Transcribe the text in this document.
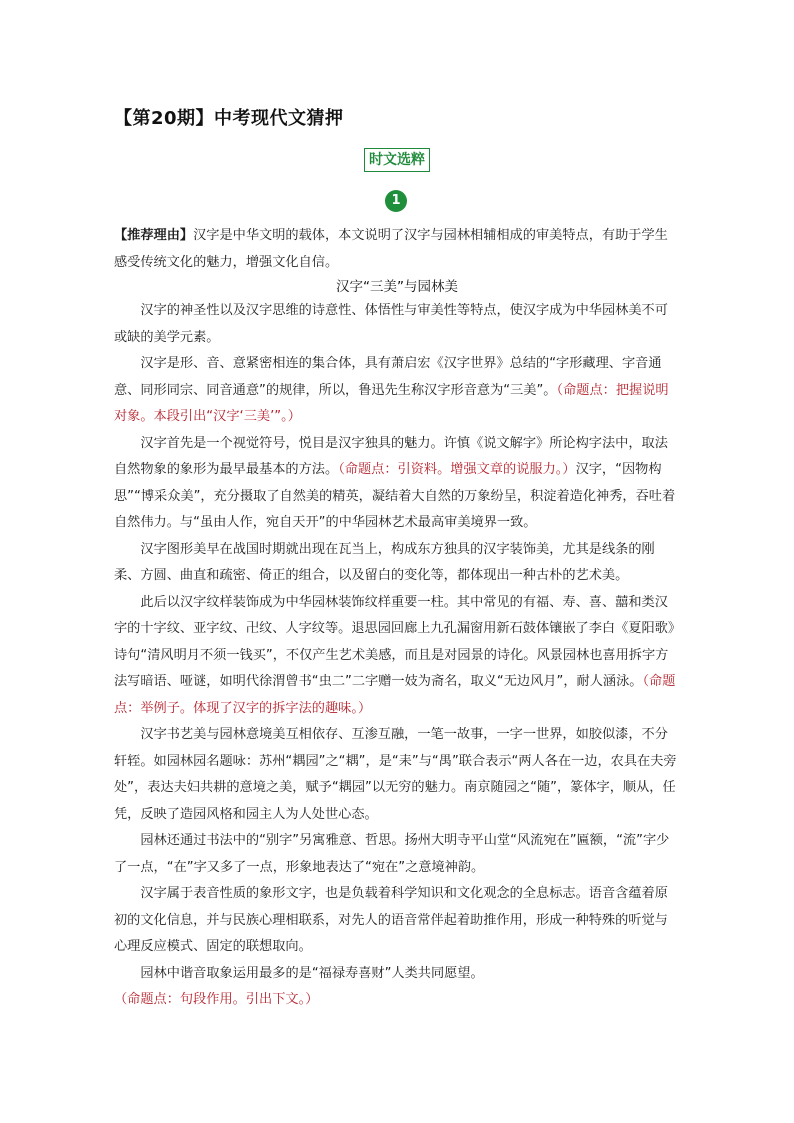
【第20期】中考现代文猜押
时文选粹
1
【推荐理由】汉字是中华文明的载体，本文说明了汉字与园林相辅相成的审美特点，有助于学生感受传统文化的魅力，增强文化自信。
汉字“三美”与园林美

汉字的神圣性以及汉字思维的诗意性、体悟性与审美性等特点，使汉字成为中华园林美不可或缺的美学元素。

汉字是形、音、意紧密相连的集合体，具有萧启宏《汉字世界》总结的“字形藏理、字音通意、同形同宗、同音通意”的规律，所以，鲁迅先生称汉字形音意为“三美”。（命题点：把握说明对象。本段引出“汉字‘三美’”。）

汉字首先是一个视觉符号，悦目是汉字独具的魅力。许慎《说文解字》所论构字法中，取法自然物象的象形为最早最基本的方法。（命题点：引资料。增强文章的说服力。）汉字，“因物构思”“博采众美”，充分摄取了自然美的精英，凝结着大自然的万象纷呈，积淀着造化神秀，吞吐着自然伟力。与“虽由人作，宛自天开”的中华园林艺术最高审美境界一致。

汉字图形美早在战国时期就出现在瓦当上，构成东方独具的汉字装饰美，尤其是线条的刚柔、方圆、曲直和疏密、倚正的组合，以及留白的变化等，都体现出一种古朴的艺术美。

此后以汉字纹样装饰成为中华园林装饰纹样重要一柱。其中常见的有福、寿、喜、囍和类汉字的十字纹、亚字纹、卍纹、人字纹等。退思园回廊上九孔漏窗用新石鼓体镶嵌了李白《夏阳歌》诗句“清风明月不须一钱买”，不仅产生艺术美感，而且是对园景的诗化。风景园林也喜用拆字方法写暗语、哑谜，如明代徐渭曾书“虫二”二字赠一妓为斋名，取义“无边风月”，耐人涵泳。（命题点：举例子。体现了汉字的拆字法的趣味。）

汉字书艺美与园林意境美互相依存、互渗互融，一笔一故事，一字一世界，如胶似漆，不分轩轾。如园林园名题咏：苏州“耦园”之“耦”，是“耒”与“禺”联合表示“两人各在一边，农具在夫旁处”，表达夫妇共耕的意境之美，赋予“耦园”以无穷的魅力。南京随园之“随”，篆体字，顺从，任凭，反映了造园风格和园主人为人处世心态。

园林还通过书法中的“别字”另寓雅意、哲思。扬州大明寺平山堂“风流宛在”匾额，“流”字少了一点，“在”字又多了一点，形象地表达了“宛在”之意境神韵。

汉字属于表音性质的象形文字，也是负载着科学知识和文化观念的全息标志。语音含蕴着原初的文化信息，并与民族心理相联系，对先人的语音常伴起着助推作用，形成一种特殊的听觉与心理反应模式、固定的联想取向。

园林中谐音取象运用最多的是“福禄寿喜财”人类共同愿望。（命题点：句段作用。引出下文。）
